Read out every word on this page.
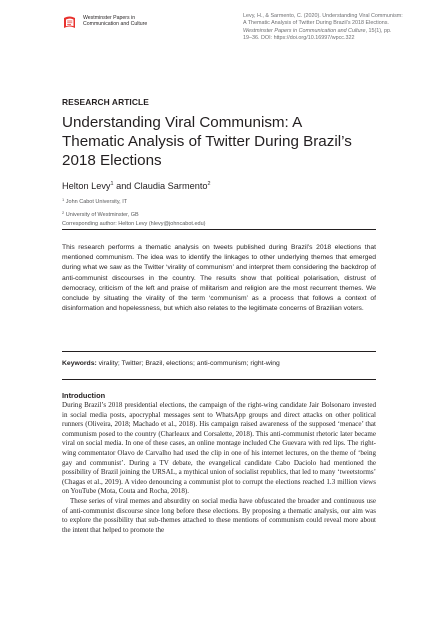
Westminster Papers in
Communication and Culture
Levy, H., & Sarmento, C. (2020). Understanding Viral Communism:
A Thematic Analysis of Twitter During Brazil’s 2018 Elections.
Westminster Papers in Communication and Culture, 15(1), pp.
19–36. DOI: https://doi.org/10.16997/wpcc.322
RESEARCH ARTICLE
Understanding Viral Communism: A
Thematic Analysis of Twitter During Brazil’s
2018 Elections
Helton Levy$^1$ and Claudia Sarmento$^2$
$^1$ John Cabot University, IT
$^2$ University of Westminster, GB
Corresponding author: Helton Levy (hlevy@johncabot.edu)

This research performs a thematic analysis on tweets published during Brazil’s 2018 elections that mentioned communism. The idea was to identify the linkages to other underlying themes that emerged during what we saw as the Twitter ‘virality of communism’ and interpret them considering the backdrop of anti-communist discourses in the country. The results show that political polarisation, distrust of democracy, criticism of the left and praise of militarism and religion are the most recurrent themes. We conclude by situating the virality of the term ‘communism’ as a process that follows a context of disinformation and hopelessness, but which also relates to the legitimate concerns of Brazilian voters.

Keywords: virality; Twitter; Brazil, elections; anti-communism; right-wing
Introduction

During Brazil’s 2018 presidential elections, the campaign of the right-wing candidate Jair Bolsonaro invested in social media posts, apocryphal messages sent to WhatsApp groups and direct attacks on other political runners (Oliveira, 2018; Machado et al., 2018). His campaign raised awareness of the supposed ‘menace’ that communism posed to the country (Charleaux and Corsalette, 2018). This anti-communist rhetoric later became viral on social media. In one of these cases, an online montage included Che Guevara with red lips. The right-wing commentator Olavo de Carvalho had used the clip in one of his internet lectures, on the theme of ‘being gay and communist’. During a TV debate, the evangelical candidate Cabo Daciolo had mentioned the possibility of Brazil joining the URSAL, a mythical union of socialist republics, that led to many ‘tweetstorms’ (Chagas et al., 2019). A video denouncing a communist plot to corrupt the elections reached 1.3 million views on YouTube (Mota, Couta and Rocha, 2018).

These series of viral memes and absurdity on social media have obfuscated the broader and continuous use of anti-communist discourse since long before these elections. By proposing a thematic analysis, our aim was to explore the possibility that sub-themes attached to these mentions of communism could reveal more about the intent that helped to promote the
